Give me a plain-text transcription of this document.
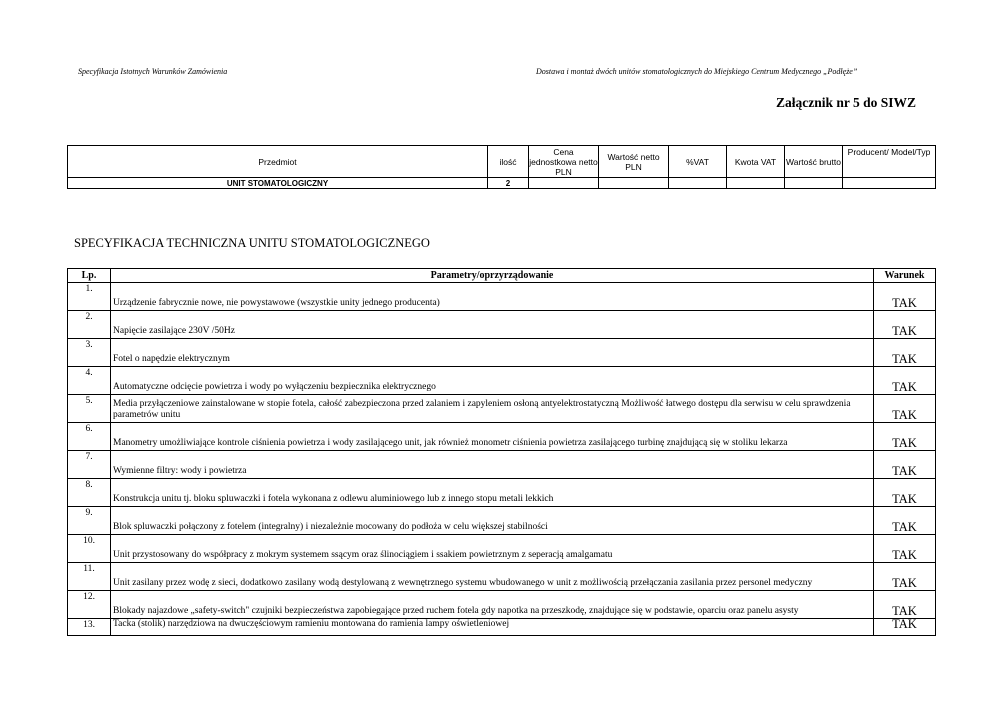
Specyfikacja Istotnych Warunków Zamówienia	Dostawa i montaż dwóch unitów stomatologicznych do Miejskiego Centrum Medycznego „Podłęże”
Załącznik nr 5 do SIWZ
Przedmiot	ilość	Cena jednostkowa netto PLN	Wartość netto PLN	%VAT	Kwota VAT	Wartość brutto	Producent/ Model/Typ
UNIT STOMATOLOGICZNY	2						
SPECYFIKACJA TECHNICZNA UNITU STOMATOLOGICZNEGO
Lp.	Parametry/oprzyrządowanie	Warunek
1.	Urządzenie fabrycznie nowe, nie powystawowe (wszystkie unity jednego producenta)	TAK
2.	Napięcie zasilające 230V /50Hz	TAK
3.	Fotel o napędzie elektrycznym	TAK
4.	Automatyczne odcięcie powietrza i wody po wyłączeniu bezpiecznika elektrycznego	TAK
5.	Media przyłączeniowe zainstalowane w stopie fotela, całość zabezpieczona przed zalaniem i zapyleniem osłoną antyelektrostatyczną Możliwość łatwego dostępu dla serwisu w celu sprawdzenia parametrów unitu	TAK
6.	Manometry umożliwiające kontrole ciśnienia powietrza i wody zasilającego unit, jak również monometr ciśnienia powietrza zasilającego turbinę znajdującą się w stoliku lekarza	TAK
7.	Wymienne filtry: wody i powietrza	TAK
8.	Konstrukcja unitu tj. bloku spluwaczki i fotela wykonana z odlewu aluminiowego lub z innego stopu metali lekkich	TAK
9.	Blok spluwaczki połączony z fotelem (integralny) i niezależnie mocowany do podłoża w celu większej stabilności	TAK
10.	Unit przystosowany do współpracy z mokrym systemem ssącym oraz ślinociągiem i ssakiem powietrznym z seperacją amalgamatu	TAK
11.	Unit zasilany przez wodę z sieci, dodatkowo zasilany wodą destylowaną z wewnętrznego systemu wbudowanego w unit z możliwością przełączania zasilania przez personel medyczny	TAK
12.	Blokady najazdowe „safety-switch" czujniki bezpieczeństwa zapobiegające przed ruchem fotela gdy napotka na przeszkodę, znajdujące się w podstawie, oparciu oraz panelu asysty	TAK
13.	Tacka (stolik) narzędziowa na dwuczęściowym ramieniu montowana do ramienia lampy oświetleniowej	TAK
